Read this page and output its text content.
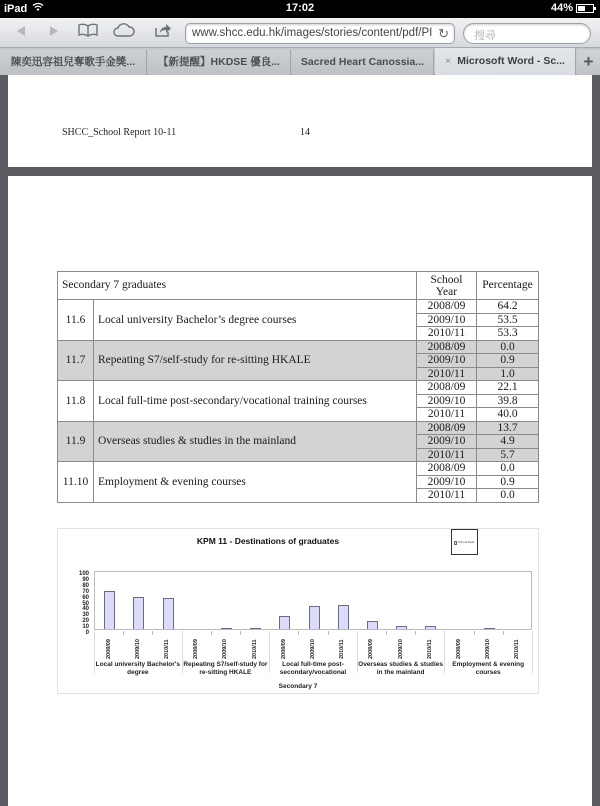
iPad	17:02	44%
www.shcc.edu.hk/images/stories/content/pdf/PI ↻	搜尋
陳奕迅容祖兒奪歌手金獎...	【新提醒】HKDSE 優良...	Sacred Heart Canossia...	× Microsoft Word - Sc...	+
SHCC_School Report 10-11	14
Secondary 7 graduates		School Year	Percentage
11.6	Local university Bachelor’s degree courses	2008/09	64.2
		2009/10	53.5
		2010/11	53.3
11.7	Repeating S7/self-study for re-sitting HKALE	2008/09	0.0
		2009/10	0.9
		2010/11	1.0
11.8	Local full-time post-secondary/vocational training courses	2008/09	22.1
		2009/10	39.8
		2010/11	40.0
11.9	Overseas studies & studies in the mainland	2008/09	13.7
		2009/10	4.9
		2010/11	5.7
11.10	Employment & evening courses	2008/09	0.0
		2009/10	0.9
		2010/11	0.0
KPM 11 - Destinations of graduates	School Data
100
90
80
70
60
50
40
30
20
10
0
Secondary 7
2008/09	2009/10	2010/11	2008/09	2009/10	2010/11	2008/09	2009/10	2010/11	2008/09	2009/10	2010/11	2008/09	2009/10	2010/11
Local university Bachelor's degree
Repeating S7/self-study for re-sitting HKALE
Local full-time post-secondary/vocational
Overseas studies & studies in the mainland
Employment & evening courses
